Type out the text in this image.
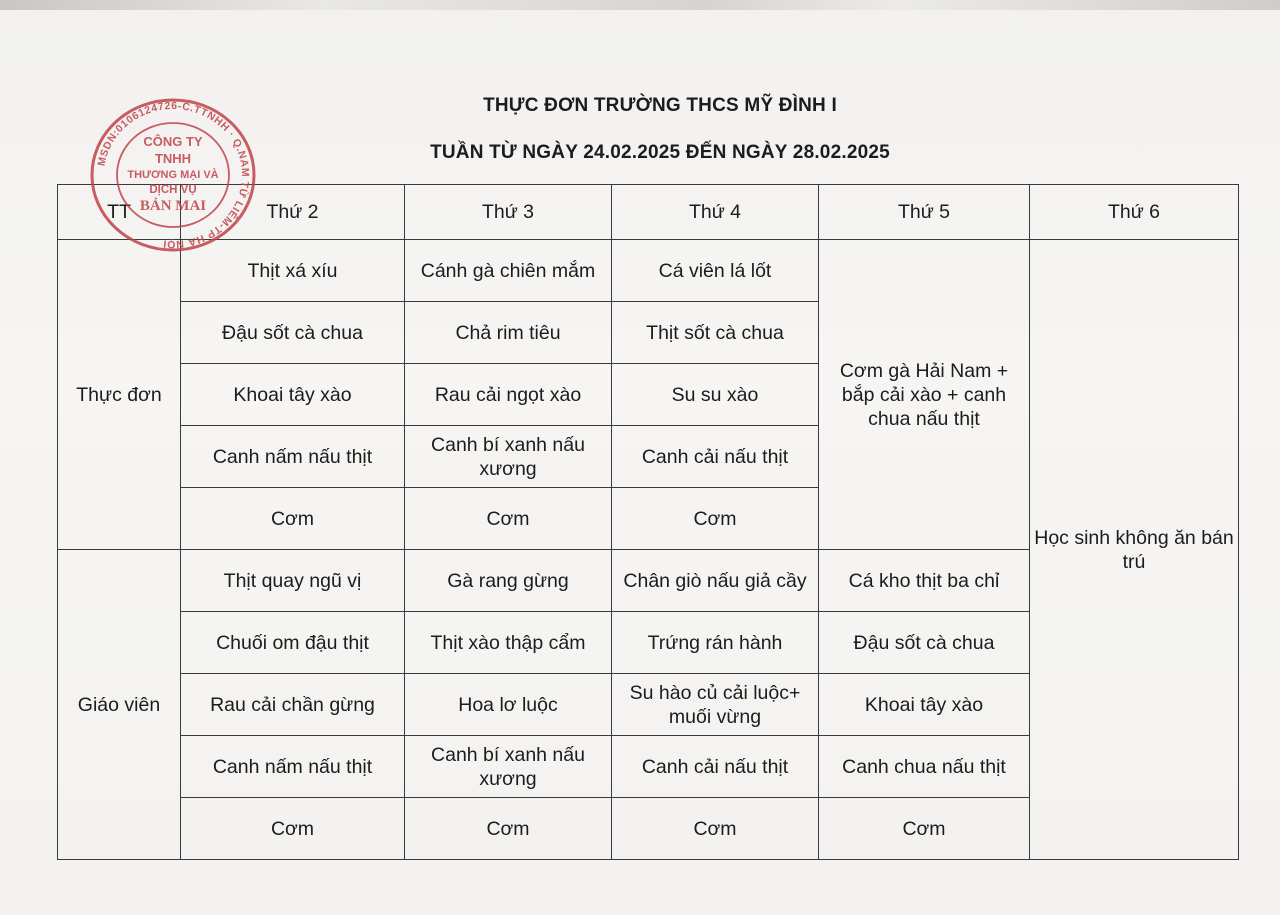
THỰC ĐƠN TRƯỜNG THCS MỸ ĐÌNH I
TUẦN TỪ NGÀY 24.02.2025 ĐẾN NGÀY 28.02.2025
TT	Thứ 2	Thứ 3	Thứ 4	Thứ 5	Thứ 6
Thực đơn	Thịt xá xíu	Cánh gà chiên mắm	Cá viên lá lốt	Cơm gà Hải Nam + bắp cải xào + canh chua nấu thịt	Học sinh không ăn bán trú
	Đậu sốt cà chua	Chả rim tiêu	Thịt sốt cà chua		
	Khoai tây xào	Rau cải ngọt xào	Su su xào		
	Canh nấm nấu thịt	Canh bí xanh nấu xương	Canh cải nấu thịt		
	Cơm	Cơm	Cơm		
Giáo viên	Thịt quay ngũ vị	Gà rang gừng	Chân giò nấu giả cầy	Cá kho thịt ba chỉ	
	Chuối om đậu thịt	Thịt xào thập cẩm	Trứng rán hành	Đậu sốt cà chua	
	Rau cải chần gừng	Hoa lơ luộc	Su hào củ cải luộc+ muối vừng	Khoai tây xào	
	Canh nấm nấu thịt	Canh bí xanh nấu xương	Canh cải nấu thịt	Canh chua nấu thịt	
	Cơm	Cơm	Cơm	Cơm	
MSDN:0106124726-C.TTNHH · Q.NAM TỪ LIÊM-TP HÀ NỘI
CÔNG TY
TNHH
THƯƠNG MẠI VÀ
DỊCH VỤ
BẢN MAI
